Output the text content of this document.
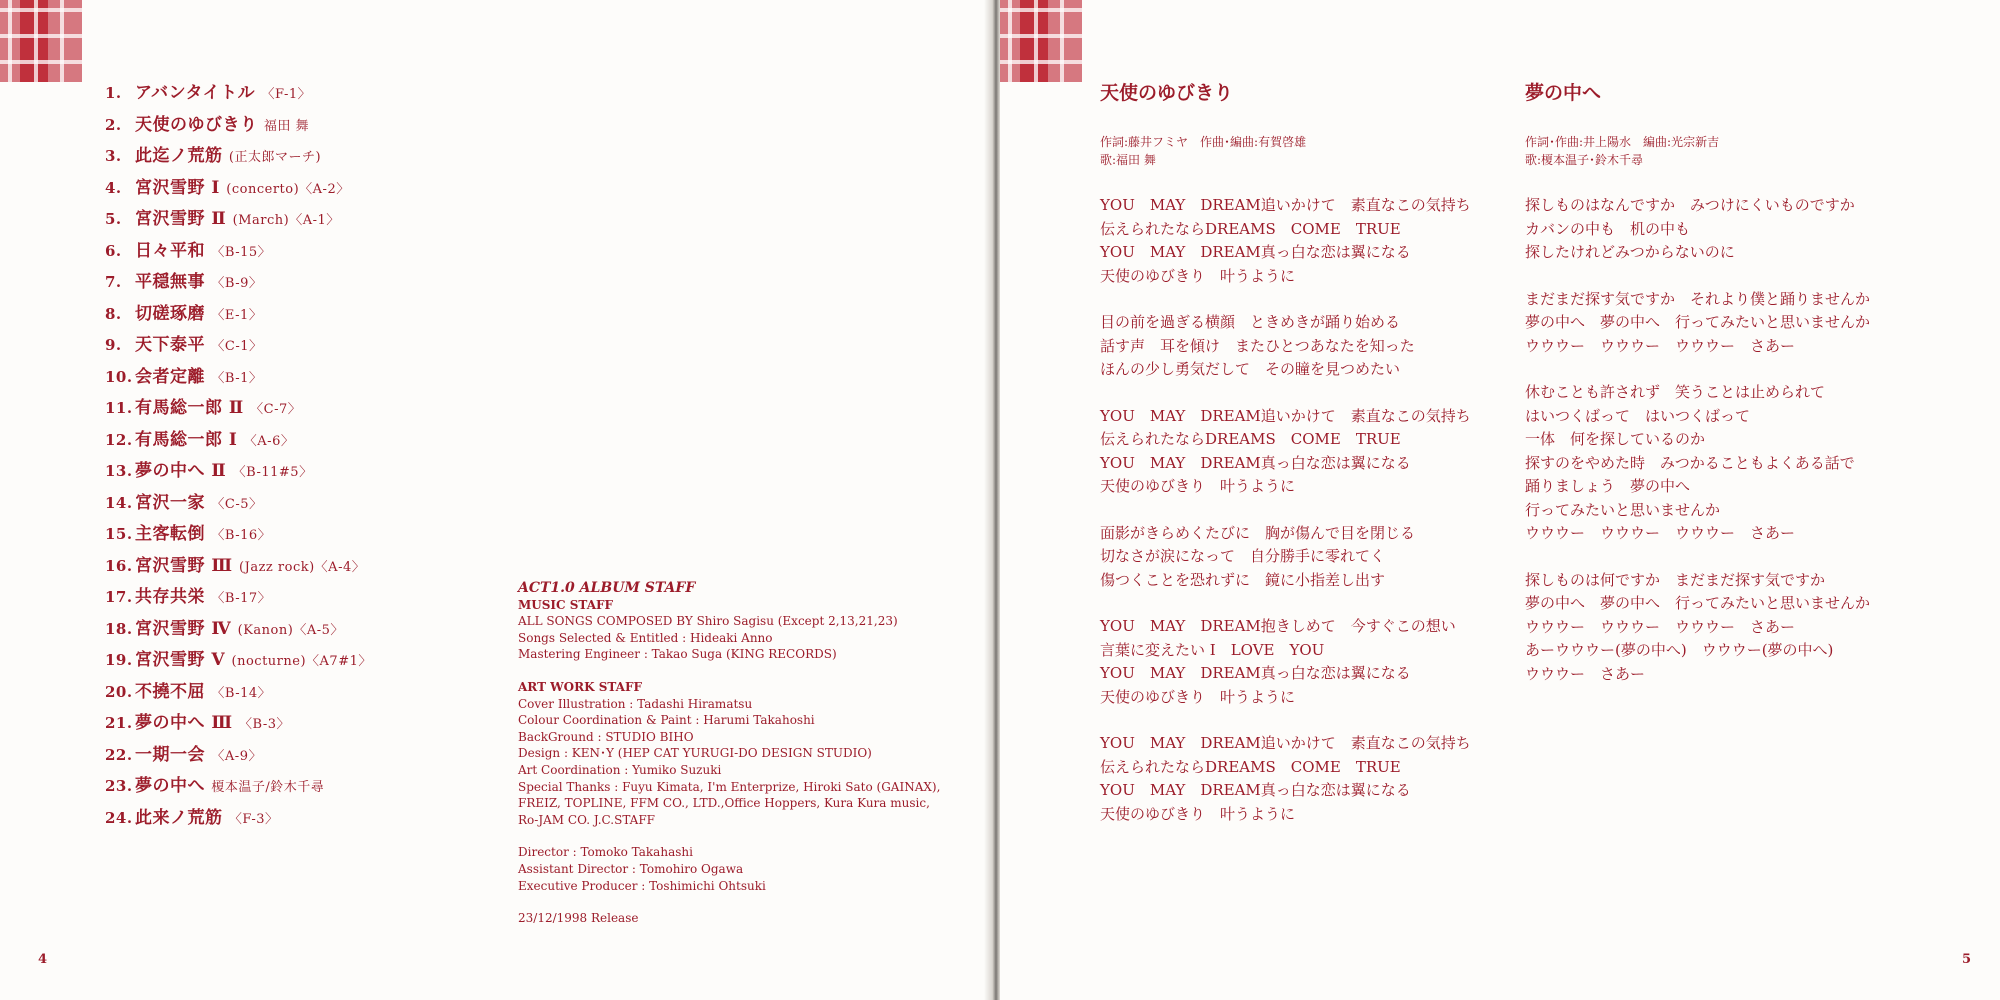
1. アバンタイトル 〈F-1〉
2. 天使のゆびきり 福田 舞
3. 此迄ノ荒筋 (正太郎マーチ)
4. 宮沢雪野 Ⅰ (concerto)〈A-2〉
5. 宮沢雪野 Ⅱ (March)〈A-1〉
6. 日々平和 〈B-15〉
7. 平穏無事 〈B-9〉
8. 切磋琢磨 〈E-1〉
9. 天下泰平 〈C-1〉
10. 会者定離 〈B-1〉
11. 有馬総一郎 Ⅱ 〈C-7〉
12. 有馬総一郎 Ⅰ 〈A-6〉
13. 夢の中へ Ⅱ 〈B-11#5〉
14. 宮沢一家 〈C-5〉
15. 主客転倒 〈B-16〉
16. 宮沢雪野 Ⅲ (Jazz rock)〈A-4〉
17. 共存共栄 〈B-17〉
18. 宮沢雪野 Ⅳ (Kanon)〈A-5〉
19. 宮沢雪野 Ⅴ (nocturne)〈A7#1〉
20. 不撓不屈 〈B-14〉
21. 夢の中へ Ⅲ 〈B-3〉
22. 一期一会 〈A-9〉
23. 夢の中へ 榎本温子/鈴木千尋
24. 此来ノ荒筋 〈F-3〉
ACT1.0 ALBUM STAFF
MUSIC STAFF
ALL SONGS COMPOSED BY Shiro Sagisu (Except 2,13,21,23)
Songs Selected & Entitled : Hideaki Anno
Mastering Engineer : Takao Suga (KING RECORDS)
ART WORK STAFF
Cover Illustration : Tadashi Hiramatsu
Colour Coordination & Paint : Harumi Takahoshi
BackGround : STUDIO BIHO
Design : KEN･Y (HEP CAT YURUGI-DO DESIGN STUDIO)
Art Coordination : Yumiko Suzuki
Special Thanks : Fuyu Kimata, I'm Enterprize, Hiroki Sato (GAINAX),
FREIZ, TOPLINE, FFM CO., LTD.,Office Hoppers, Kura Kura music,
Ro-JAM CO. J.C.STAFF
Director : Tomoko Takahashi
Assistant Director : Tomohiro Ogawa
Executive Producer : Toshimichi Ohtsuki
23/12/1998 Release
4
天使のゆびきり
作詞:藤井フミヤ　作曲･編曲:有賀啓雄
歌:福田 舞
YOU　MAY　DREAM追いかけて　素直なこの気持ち
伝えられたならDREAMS　COME　TRUE
YOU　MAY　DREAM真っ白な恋は翼になる
天使のゆびきり　叶うように
目の前を過ぎる横顔　ときめきが踊り始める
話す声　耳を傾け　またひとつあなたを知った
ほんの少し勇気だして　その瞳を見つめたい
YOU　MAY　DREAM追いかけて　素直なこの気持ち
伝えられたならDREAMS　COME　TRUE
YOU　MAY　DREAM真っ白な恋は翼になる
天使のゆびきり　叶うように
面影がきらめくたびに　胸が傷んで目を閉じる
切なさが涙になって　自分勝手に零れてく
傷つくことを恐れずに　鏡に小指差し出す
YOU　MAY　DREAM抱きしめて　今すぐこの想い
言葉に変えたい I　LOVE　YOU
YOU　MAY　DREAM真っ白な恋は翼になる
天使のゆびきり　叶うように
YOU　MAY　DREAM追いかけて　素直なこの気持ち
伝えられたならDREAMS　COME　TRUE
YOU　MAY　DREAM真っ白な恋は翼になる
天使のゆびきり　叶うように
夢の中へ
作詞･作曲:井上陽水　編曲:光宗新吉
歌:榎本温子･鈴木千尋
探しものはなんですか　みつけにくいものですか
カバンの中も　机の中も
探したけれどみつからないのに
まだまだ探す気ですか　それより僕と踊りませんか
夢の中へ　夢の中へ　行ってみたいと思いませんか
ウウウー　ウウウー　ウウウー　さあー
休むことも許されず　笑うことは止められて
はいつくばって　はいつくばって
一体　何を探しているのか
探すのをやめた時　みつかることもよくある話で
踊りましょう　夢の中へ
行ってみたいと思いませんか
ウウウー　ウウウー　ウウウー　さあー
探しものは何ですか　まだまだ探す気ですか
夢の中へ　夢の中へ　行ってみたいと思いませんか
ウウウー　ウウウー　ウウウー　さあー
あーウウウー(夢の中へ)　ウウウー(夢の中へ)
ウウウー　さあー
5
